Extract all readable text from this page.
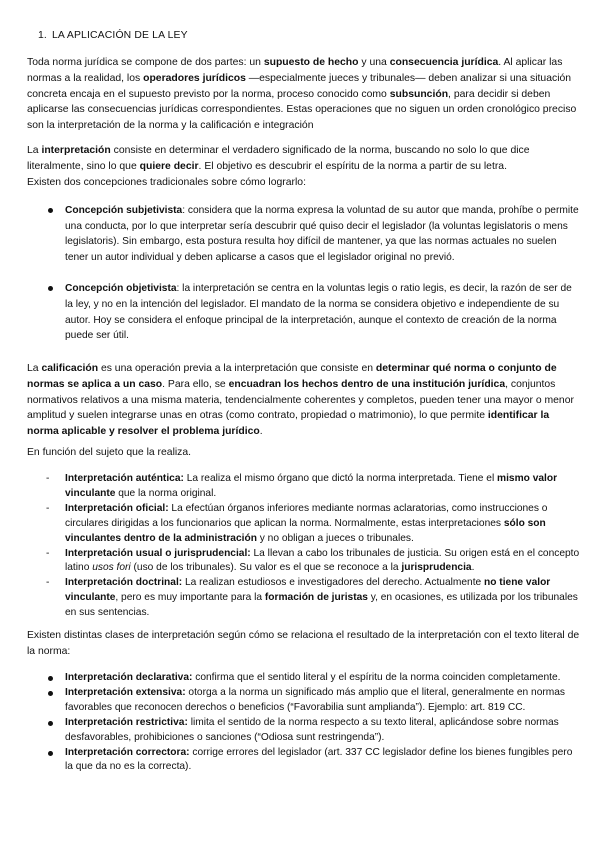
1. LA APLICACIÓN DE LA LEY

Toda norma jurídica se compone de dos partes: un supuesto de hecho y una consecuencia jurídica. Al aplicar las normas a la realidad, los operadores jurídicos —especialmente jueces y tribunales— deben analizar si una situación concreta encaja en el supuesto previsto por la norma, proceso conocido como subsunción, para decidir si deben aplicarse las consecuencias jurídicas correspondientes. Estas operaciones que no siguen un orden cronológico preciso son la interpretación de la norma y la calificación e integración

La interpretación consiste en determinar el verdadero significado de la norma, buscando no solo lo que dice literalmente, sino lo que quiere decir. El objetivo es descubrir el espíritu de la norma a partir de su letra.
Existen dos concepciones tradicionales sobre cómo lograrlo:

Concepción subjetivista: considera que la norma expresa la voluntad de su autor que manda, prohíbe o permite una conducta, por lo que interpretar sería descubrir qué quiso decir el legislador (la voluntas legislatoris o mens legislatoris). Sin embargo, esta postura resulta hoy difícil de mantener, ya que las normas actuales no suelen tener un autor individual y deben aplicarse a casos que el legislador original no previó.
Concepción objetivista: la interpretación se centra en la voluntas legis o ratio legis, es decir, la razón de ser de la ley, y no en la intención del legislador. El mandato de la norma se considera objetivo e independiente de su autor. Hoy se considera el enfoque principal de la interpretación, aunque el contexto de creación de la norma puede ser útil.

La calificación es una operación previa a la interpretación que consiste en determinar qué norma o conjunto de normas se aplica a un caso. Para ello, se encuadran los hechos dentro de una institución jurídica, conjuntos normativos relativos a una misma materia, tendencialmente coherentes y completos, pueden tener una mayor o menor amplitud y suelen integrarse unas en otras (como contrato, propiedad o matrimonio), lo que permite identificar la norma aplicable y resolver el problema jurídico.

En función del sujeto que la realiza.

- Interpretación auténtica: La realiza el mismo órgano que dictó la norma interpretada. Tiene el mismo valor vinculante que la norma original.
- Interpretación oficial: La efectúan órganos inferiores mediante normas aclaratorias, como instrucciones o circulares dirigidas a los funcionarios que aplican la norma. Normalmente, estas interpretaciones sólo son vinculantes dentro de la administración y no obligan a jueces o tribunales.
- Interpretación usual o jurisprudencial: La llevan a cabo los tribunales de justicia. Su origen está en el concepto latino usos fori (uso de los tribunales). Su valor es el que se reconoce a la jurisprudencia.
- Interpretación doctrinal: La realizan estudiosos e investigadores del derecho. Actualmente no tiene valor vinculante, pero es muy importante para la formación de juristas y, en ocasiones, es utilizada por los tribunales en sus sentencias.

Existen distintas clases de interpretación según cómo se relaciona el resultado de la interpretación con el texto literal de la norma:

Interpretación declarativa: confirma que el sentido literal y el espíritu de la norma coinciden completamente.
Interpretación extensiva: otorga a la norma un significado más amplio que el literal, generalmente en normas favorables que reconocen derechos o beneficios (“Favorabilia sunt amplianda”). Ejemplo: art. 819 CC.
Interpretación restrictiva: limita el sentido de la norma respecto a su texto literal, aplicándose sobre normas desfavorables, prohibiciones o sanciones (“Odiosa sunt restringenda”).
Interpretación correctora: corrige errores del legislador (art. 337 CC legislador define los bienes fungibles pero la que da no es la correcta).
